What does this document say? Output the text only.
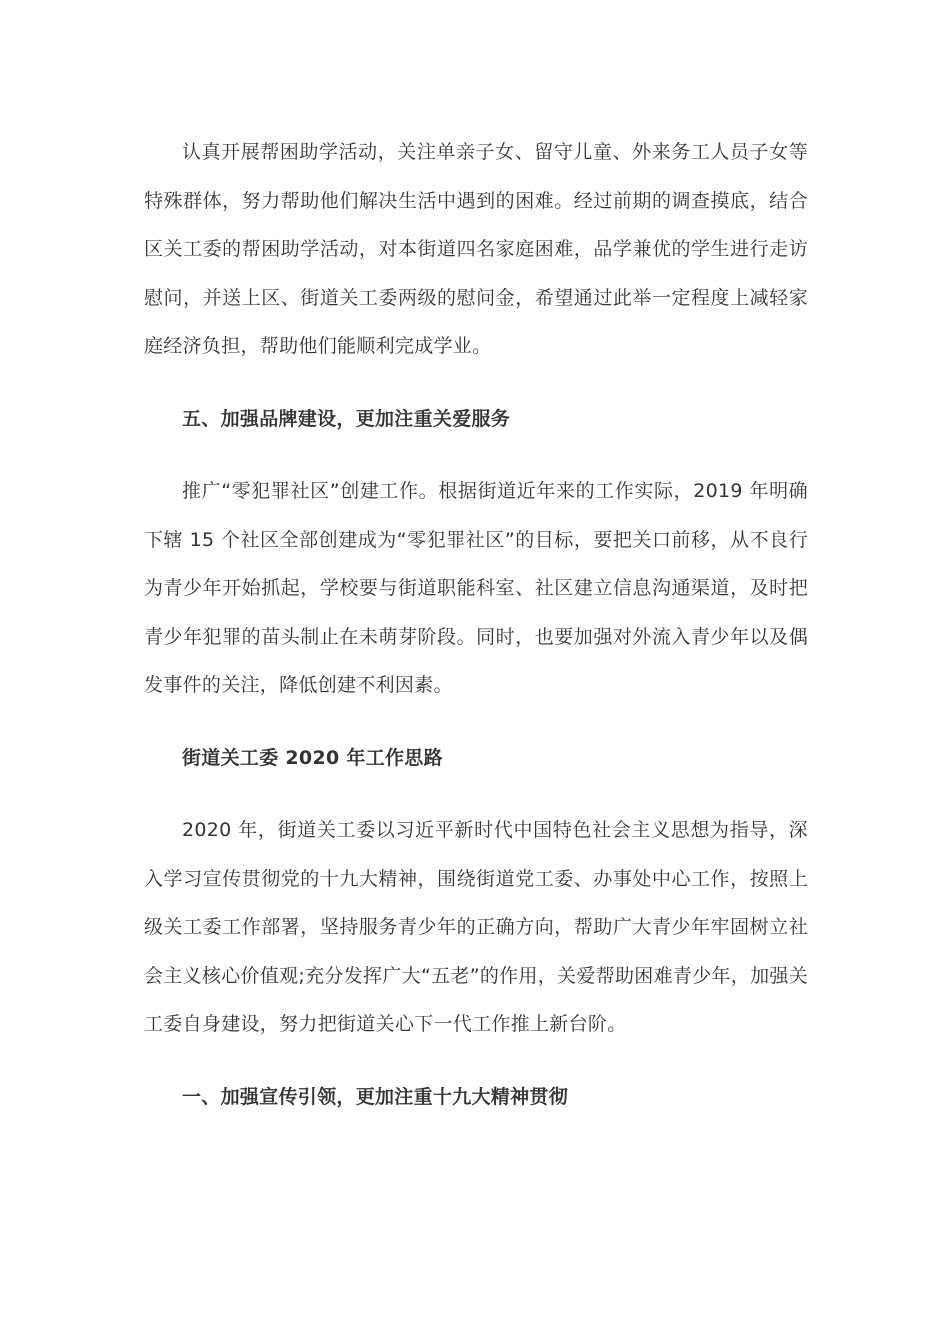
认真开展帮困助学活动，关注单亲子女、留守儿童、外来务工人员子女等特殊群体，努力帮助他们解决生活中遇到的困难。经过前期的调查摸底，结合区关工委的帮困助学活动，对本街道四名家庭困难，品学兼优的学生进行走访慰问，并送上区、街道关工委两级的慰问金，希望通过此举一定程度上减轻家庭经济负担，帮助他们能顺利完成学业。

五、加强品牌建设，更加注重关爱服务

推广“零犯罪社区”创建工作。根据街道近年来的工作实际，2019 年明确下辖 15 个社区全部创建成为“零犯罪社区”的目标，要把关口前移，从不良行为青少年开始抓起，学校要与街道职能科室、社区建立信息沟通渠道，及时把青少年犯罪的苗头制止在未萌芽阶段。同时，也要加强对外流入青少年以及偶发事件的关注，降低创建不利因素。

街道关工委 2020 年工作思路

2020 年，街道关工委以习近平新时代中国特色社会主义思想为指导，深入学习宣传贯彻党的十九大精神，围绕街道党工委、办事处中心工作，按照上级关工委工作部署，坚持服务青少年的正确方向，帮助广大青少年牢固树立社会主义核心价值观;充分发挥广大“五老”的作用，关爱帮助困难青少年，加强关工委自身建设，努力把街道关心下一代工作推上新台阶。

一、加强宣传引领，更加注重十九大精神贯彻
